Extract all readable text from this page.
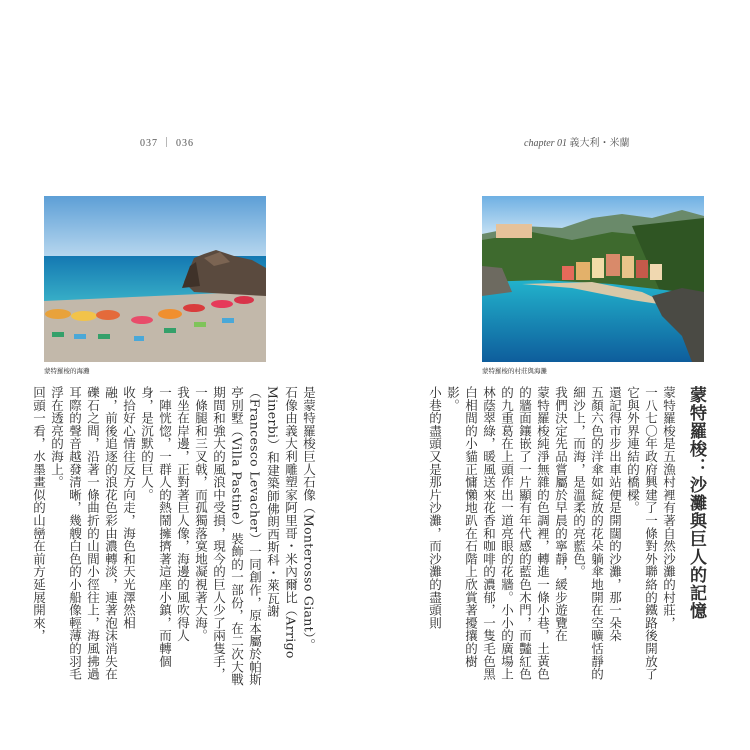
037 ｜ 036	chapter 01 義大利・米蘭
蒙特羅梭的海灘	蒙特羅梭的村莊與海灘
蒙特羅梭：沙灘與巨人的記憶
蒙特羅梭是五漁村裡有著自然沙灘的村莊，
一八七〇年政府興建了一條對外聯絡的鐵路後開放了
它與外界連結的橋樑。
還記得市步出車站便是開闊的沙灘，那一朵朵
五顏六色的洋傘如綻放的花朵躺傘地開在空曠恬靜的
細沙上，而海，是溫柔的亮藍色。
我們決定先品嘗屬於早晨的寧靜，緩步遊覽在
蒙特羅梭純淨無雜的色調裡，轉進一條小巷，土黃色
的牆面鑲嵌了一片顯有年代感的藍色木門，而豔紅色
的九重葛在上頭作出一道亮眼的花牆。小小的廣場上
林蔭翠綠，暖風送來花香和咖啡的濃郁，一隻毛色黑
白相間的小貓正慵懶地趴在石階上欣賞著擾攘的樹
影。
小巷的盡頭又是那片沙灘，而沙灘的盡頭則
是蒙特羅梭巨人石像（Monterosso Giant）。
石像由義大利雕塑家阿里哥・米內爾比（Arrigo
Minerbi）和建築師佛朗西斯科・萊瓦謝
（Francesco Levacher）一同創作，原本屬於帕斯
亭別墅（Villa Pastine）裝飾的一部份，在二次大戰
期間和強大的風浪中受損，現今的巨人少了兩隻手，
一條腿和三叉戟，而孤獨落寞地凝視著大海。
我坐在岸邊，正對著巨人像，海邊的風吹得人
一陣恍惚，一群人的熱鬧擁擠著這座小鎮，而轉個
身，是沉默的巨人。
收拾好心情往反方向走，海色和天光澤然相
融，前後追逐的浪花色彩由濃轉淡，連著泡沫消失在
礫石之間，沿著一條曲折的山間小徑往上，海風拂過
耳際的聲音越發清晰，幾艘白色的小船像輕薄的羽毛
浮在透亮的海上。
回頭一看，水墨畫似的山巒在前方延展開來，
